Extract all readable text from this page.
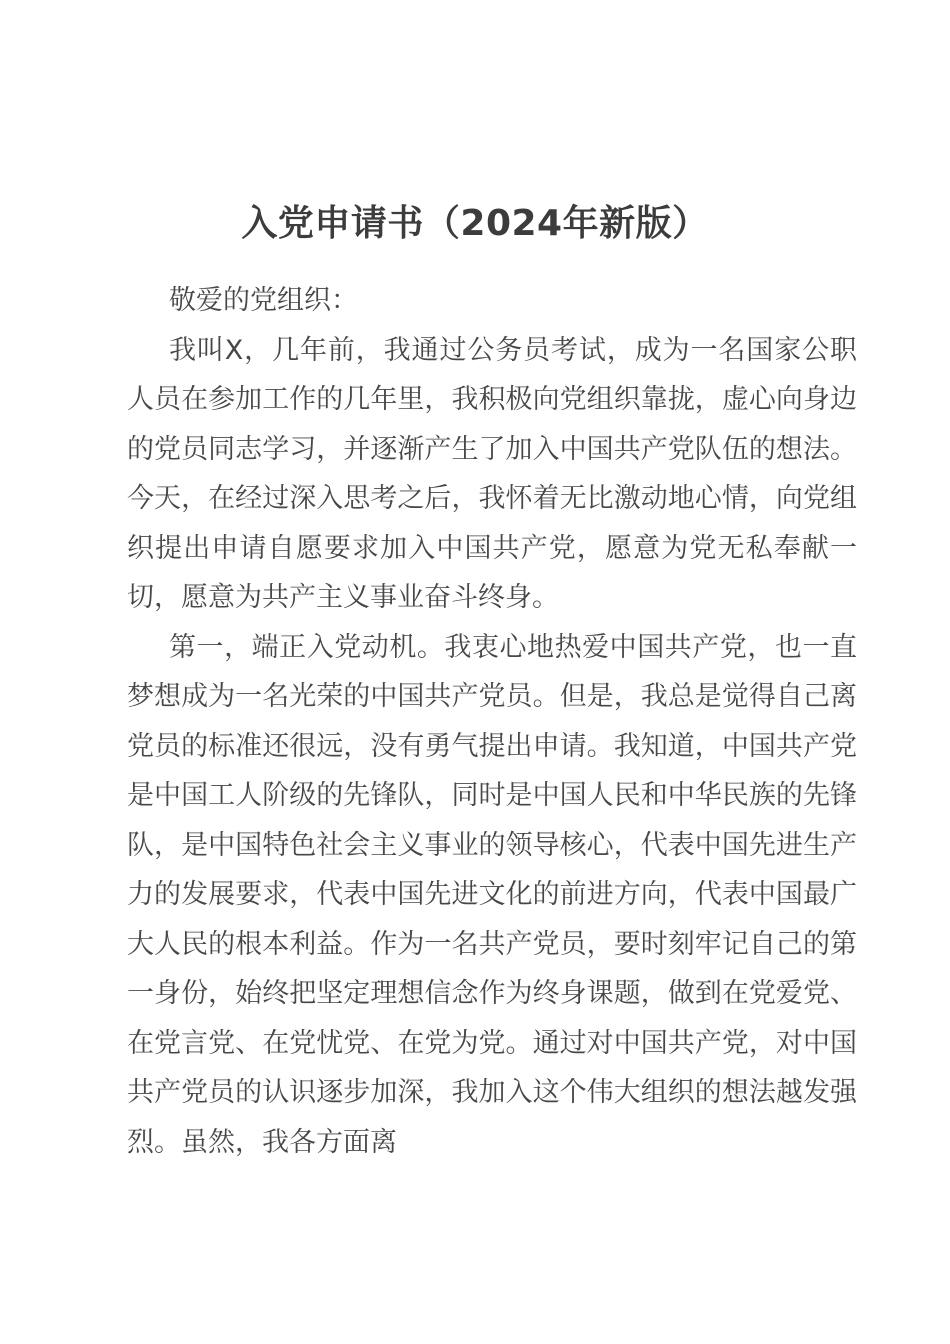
入党申请书（2024年新版）

敬爱的党组织：

我叫X，几年前，我通过公务员考试，成为一名国家公职人员在参加工作的几年里，我积极向党组织靠拢，虚心向身边的党员同志学习，并逐渐产生了加入中国共产党队伍的想法。今天，在经过深入思考之后，我怀着无比激动地心情，向党组织提出申请自愿要求加入中国共产党，愿意为党无私奉献一切，愿意为共产主义事业奋斗终身。

第一，端正入党动机。我衷心地热爱中国共产党，也一直梦想成为一名光荣的中国共产党员。但是，我总是觉得自己离党员的标准还很远，没有勇气提出申请。我知道，中国共产党是中国工人阶级的先锋队，同时是中国人民和中华民族的先锋队，是中国特色社会主义事业的领导核心，代表中国先进生产力的发展要求，代表中国先进文化的前进方向，代表中国最广大人民的根本利益。作为一名共产党员，要时刻牢记自己的第一身份，始终把坚定理想信念作为终身课题，做到在党爱党、在党言党、在党忧党、在党为党。通过对中国共产党，对中国共产党员的认识逐步加深，我加入这个伟大组织的想法越发强烈。虽然，我各方面离
